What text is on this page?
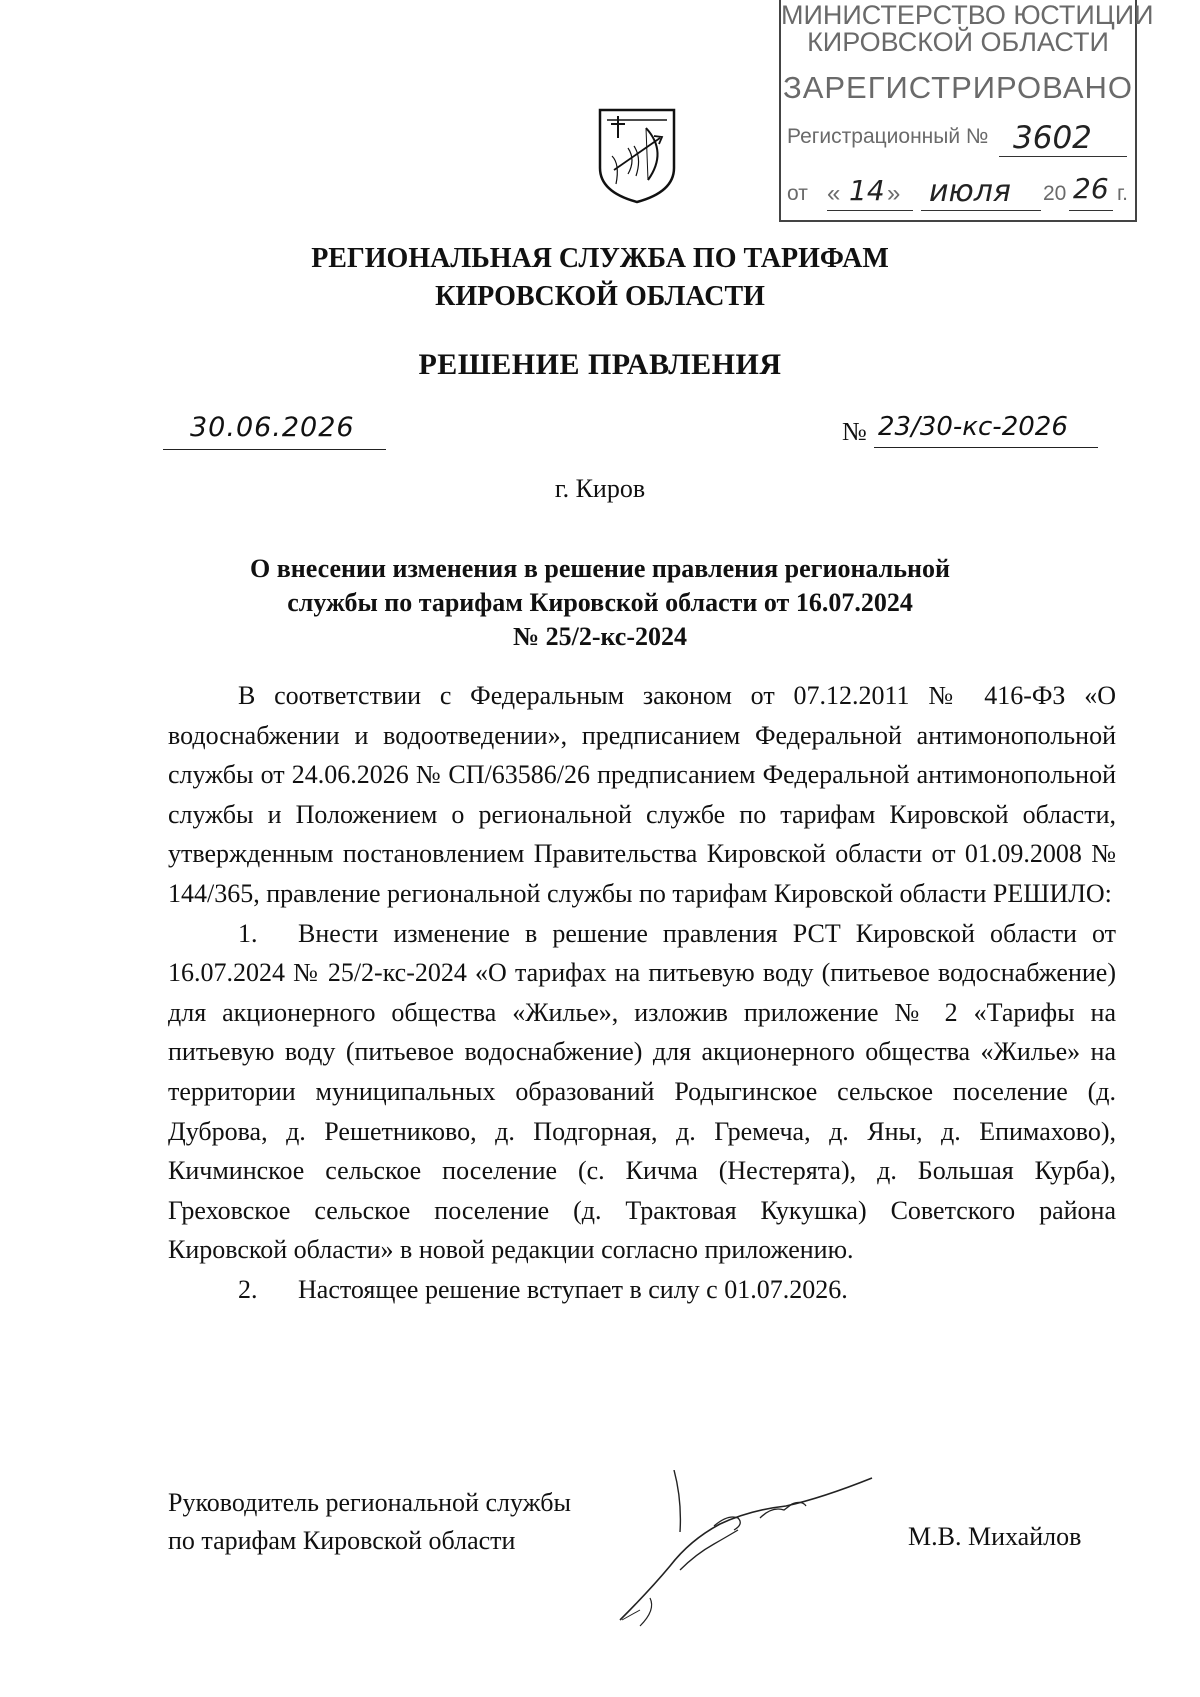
МИНИСТЕРСТВО ЮСТИЦИИ
КИРОВСКОЙ ОБЛАСТИ
ЗАРЕГИСТРИРОВАНО
Регистрационный № 3602
от « 14 » июля 20 26 г.
РЕГИОНАЛЬНАЯ СЛУЖБА ПО ТАРИФАМ
КИРОВСКОЙ ОБЛАСТИ
РЕШЕНИЕ ПРАВЛЕНИЯ
30.06.2026	№ 23/30-кс-2026
г. Киров
О внесении изменения в решение правления региональной
службы по тарифам Кировской области от 16.07.2024
№ 25/2-кс-2024

В соответствии с Федеральным законом от 07.12.2011 № 416-ФЗ «О водоснабжении и водоотведении», предписанием Федеральной антимонопольной службы от 24.06.2026 № СП/63586/26 предписанием Федеральной антимонопольной службы и Положением о региональной службе по тарифам Кировской области, утвержденным постановлением Правительства Кировской области от 01.09.2008 № 144/365, правление региональной службы по тарифам Кировской области РЕШИЛО:

1. Внести изменение в решение правления РСТ Кировской области от 16.07.2024 № 25/2-кс-2024 «О тарифах на питьевую воду (питьевое водоснабжение) для акционерного общества «Жилье», изложив приложение № 2 «Тарифы на питьевую воду (питьевое водоснабжение) для акционерного общества «Жилье» на территории муниципальных образований Родыгинское сельское поселение (д. Дуброва, д. Решетниково, д. Подгорная, д. Гремеча, д. Яны, д. Епимахово), Кичминское сельское поселение (с. Кичма (Нестерята), д. Большая Курба), Греховское сельское поселение (д. Трактовая Кукушка) Советского района Кировской области» в новой редакции согласно приложению.

2. Настоящее решение вступает в силу с 01.07.2026.

Руководитель региональной службы
по тарифам Кировской области	М.В. Михайлов
